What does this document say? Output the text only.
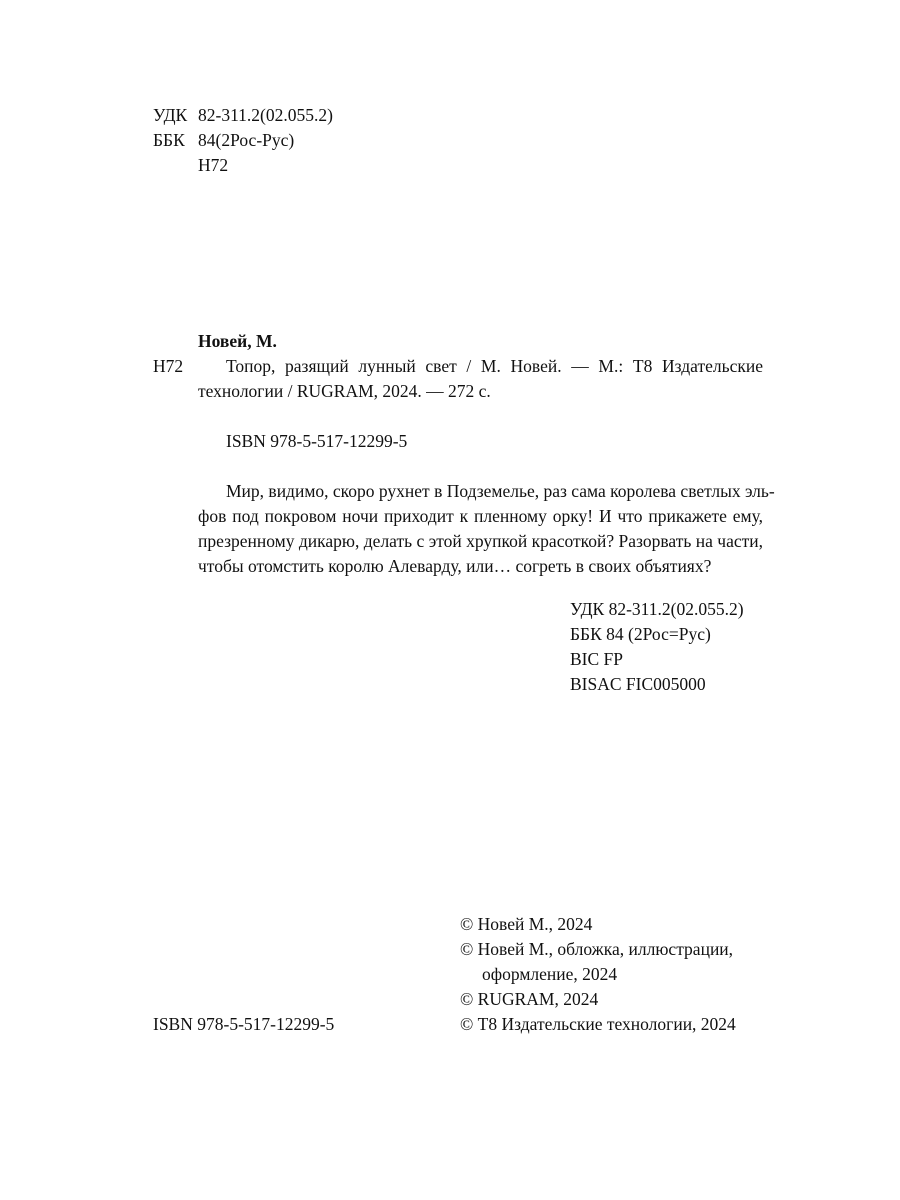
УДК 82-311.2(02.055.2)
ББК 84(2Рос-Рус)
Н72
Новей, М.
Н72 Топор, разящий лунный свет / М. Новей. — М.: Т8 Издательские
технологии / RUGRAM, 2024. — 272 с.
ISBN 978-5-517-12299-5
Мир, видимо, скоро рухнет в Подземелье, раз сама королева светлых эль-
фов под покровом ночи приходит к пленному орку! И что прикажете ему,
презренному дикарю, делать с этой хрупкой красоткой? Разорвать на части,
чтобы отомстить королю Алеварду, или… согреть в своих объятиях?
УДК 82-311.2(02.055.2)
ББК 84 (2Рос=Рус)
BIC FP
BISAC FIC005000
© Новей М., 2024
© Новей М., обложка, иллюстрации,
оформление, 2024
© RUGRAM, 2024
© Т8 Издательские технологии, 2024
ISBN 978-5-517-12299-5
